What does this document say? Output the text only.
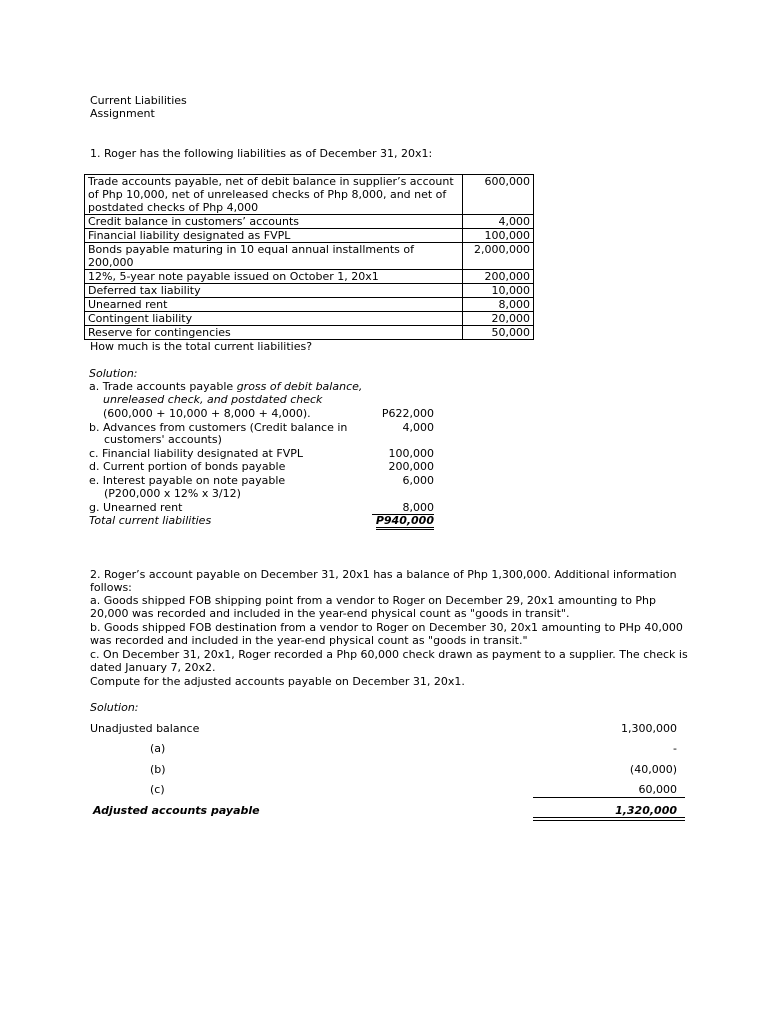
Current Liabilities
Assignment
1. Roger has the following liabilities as of December 31, 20x1:
Trade accounts payable, net of debit balance in supplier’s account of Php 10,000, net of unreleased checks of Php 8,000, and net of postdated checks of Php 4,000	600,000
Credit balance in customers’ accounts	4,000
Financial liability designated as FVPL	100,000
Bonds payable maturing in 10 equal annual installments of 200,000	2,000,000
12%, 5-year note payable issued on October 1, 20x1	200,000
Deferred tax liability	10,000
Unearned rent	8,000
Contingent liability	20,000
Reserve for contingencies	50,000
How much is the total current liabilities?
Solution:
a. Trade accounts payable gross of debit balance,
unreleased check, and postdated check
(600,000 + 10,000 + 8,000 + 4,000).	P622,000
b. Advances from customers (Credit balance in	4,000
customers' accounts)
c. Financial liability designated at FVPL	100,000
d. Current portion of bonds payable	200,000
e. Interest payable on note payable	6,000
(P200,000 x 12% x 3/12)
g. Unearned rent	8,000
Total current liabilities	P940,000
2. Roger’s account payable on December 31, 20x1 has a balance of Php 1,300,000. Additional information
follows:
a. Goods shipped FOB shipping point from a vendor to Roger on December 29, 20x1 amounting to Php
20,000 was recorded and included in the year-end physical count as "goods in transit".
b. Goods shipped FOB destination from a vendor to Roger on December 30, 20x1 amounting to PHp 40,000
was recorded and included in the year-end physical count as "goods in transit."
c. On December 31, 20x1, Roger recorded a Php 60,000 check drawn as payment to a supplier. The check is
dated January 7, 20x2.
Compute for the adjusted accounts payable on December 31, 20x1.
Solution:
Unadjusted balance	1,300,000
(a)	-
(b)	(40,000)
(c)	60,000
Adjusted accounts payable	1,320,000
